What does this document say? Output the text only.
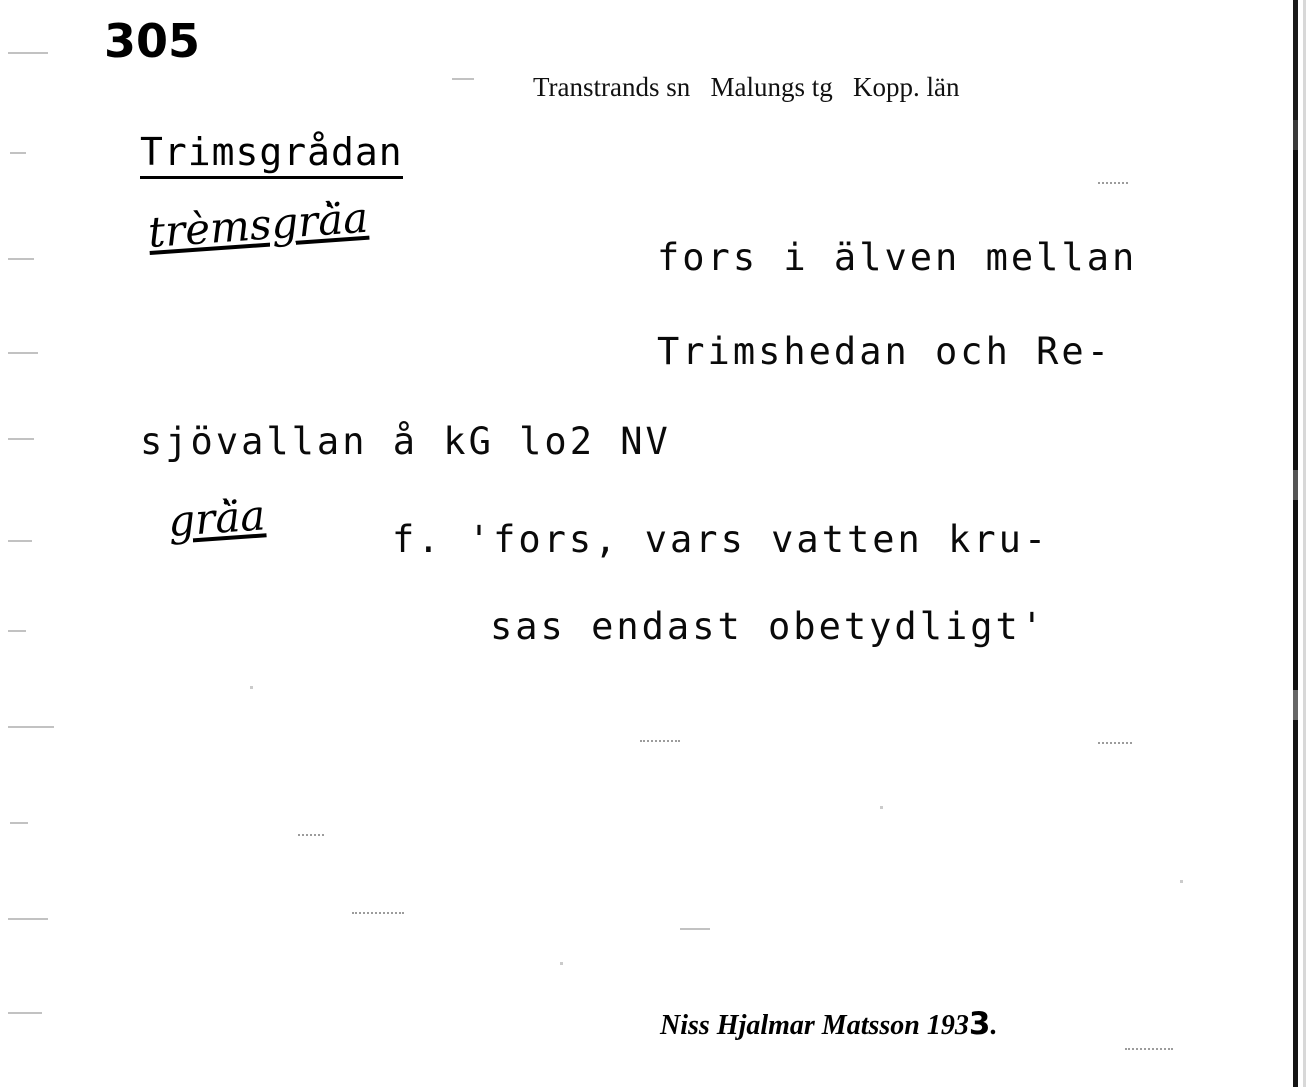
305
Transtrands sn   Malungs tg   Kopp. län
Trimsgrådan
trèmsgrà̈a
grà̈a
fors i älven mellan
Trimshedan och Re-
sjövallan å kG lo2 NV
f. 'fors, vars vatten kru-
sas endast obetydligt'
Niss Hjalmar Matsson 1933.
